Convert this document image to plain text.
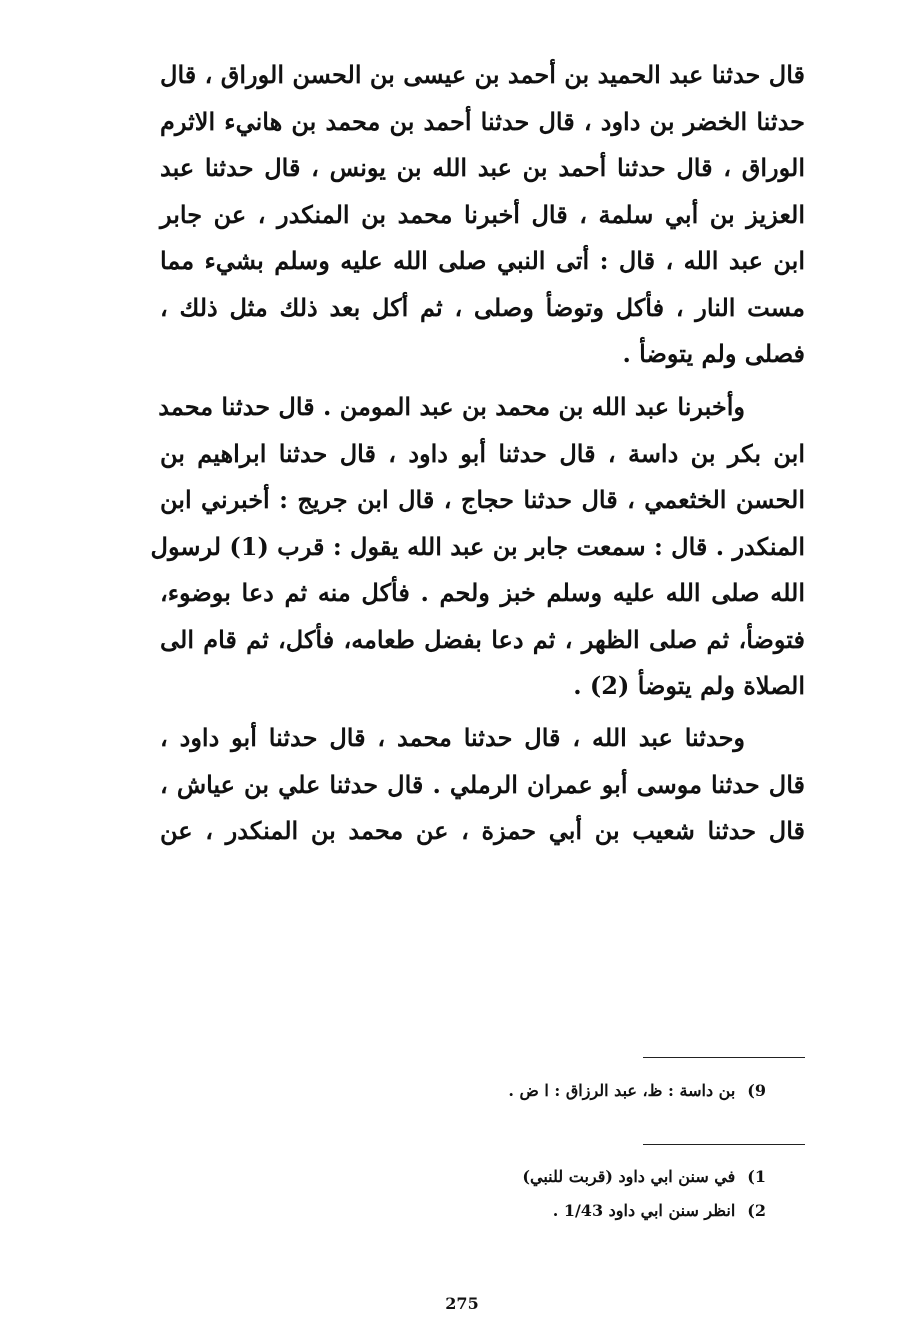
قال حدثنا عبد الحميد بن أحمد بن عيسى بن الحسن الوراق ، قال
حدثنا الخضر بن داود ، قال حدثنا أحمد بن محمد بن هانيء الاثرم
الوراق ، قال حدثنا أحمد بن عبد الله بن يونس ، قال حدثنا عبد
العزيز بن أبي سلمة ، قال أخبرنا محمد بن المنكدر ، عن جابر
ابن عبد الله ، قال : أتى النبي صلى الله عليه وسلم بشيء مما
مست النار ، فأكل وتوضأ وصلى ، ثم أكل بعد ذلك مثل ذلك ،
فصلى ولم يتوضأ .

وأخبرنا عبد الله بن محمد بن عبد المومن . قال حدثنا محمد
ابن بكر بن داسة ، قال حدثنا أبو داود ، قال حدثنا ابراهيم بن
الحسن الخثعمي ، قال حدثنا حجاج ، قال ابن جريج : أخبرني ابن
المنكدر . قال : سمعت جابر بن عبد الله يقول : قرب (1) لرسول
الله صلى الله عليه وسلم خبز ولحم . فأكل منه ثم دعا بوضوء،
فتوضأ، ثم صلى الظهر ، ثم دعا بفضل طعامه، فأكل، ثم قام الى
الصلاة ولم يتوضأ (2) .

وحدثنا عبد الله ، قال حدثنا محمد ، قال حدثنا أبو داود ،
قال حدثنا موسى أبو عمران الرملي . قال حدثنا علي بن عياش ،
قال حدثنا شعيب بن أبي حمزة ، عن محمد بن المنكدر ، عن

9)بن داسة : ظ، عبد الرزاق : ا ض .
1)في سنن ابي داود (قربت للنبي)
2)انظر سنن ابي داود 1/43 .
275
